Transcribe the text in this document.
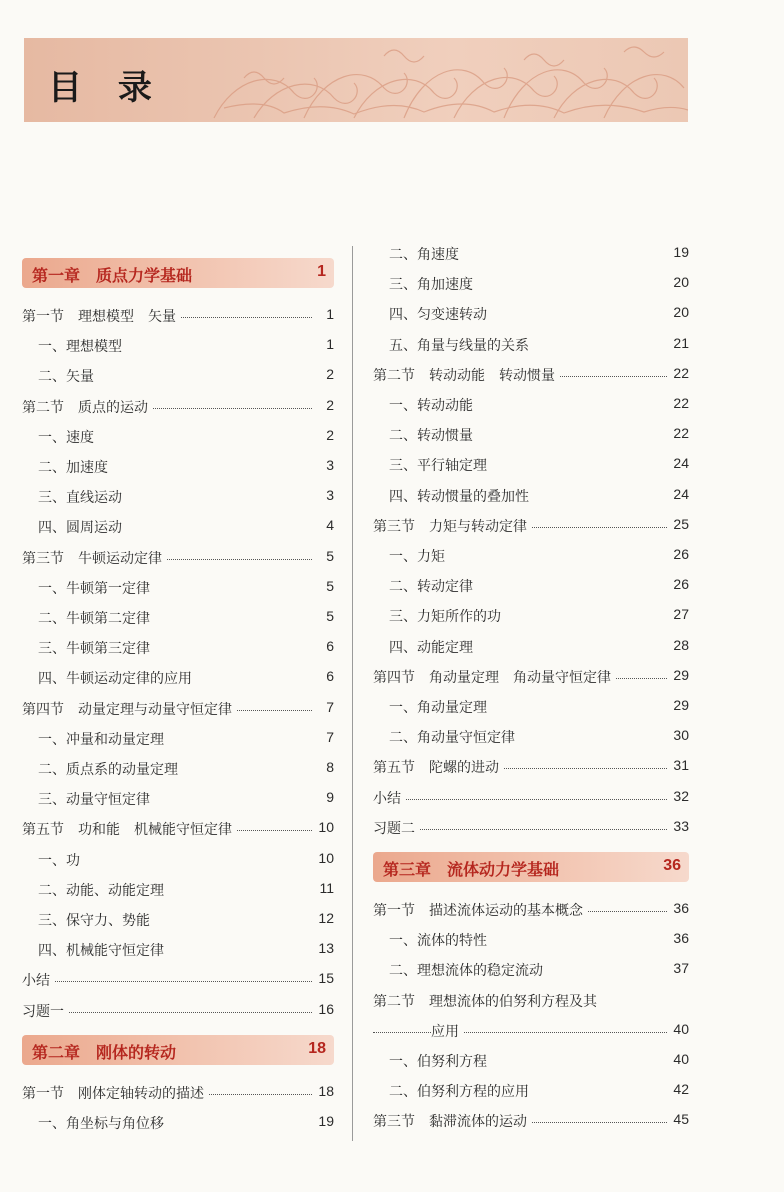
目 录
第一章　质点力学基础	1
第一节　理想模型　矢量	1
一、理想模型	1
二、矢量	2
第二节　质点的运动	2
一、速度	2
二、加速度	3
三、直线运动	3
四、圆周运动	4
第三节　牛顿运动定律	5
一、牛顿第一定律	5
二、牛顿第二定律	5
三、牛顿第三定律	6
四、牛顿运动定律的应用	6
第四节　动量定理与动量守恒定律	7
一、冲量和动量定理	7
二、质点系的动量定理	8
三、动量守恒定律	9
第五节　功和能　机械能守恒定律	10
一、功	10
二、动能、动能定理	11
三、保守力、势能	12
四、机械能守恒定律	13
小结	15
习题一	16
第二章　刚体的转动	18
第一节　刚体定轴转动的描述	18
一、角坐标与角位移	19
二、角速度	19
三、角加速度	20
四、匀变速转动	20
五、角量与线量的关系	21
第二节　转动动能　转动惯量	22
一、转动动能	22
二、转动惯量	22
三、平行轴定理	24
四、转动惯量的叠加性	24
第三节　力矩与转动定律	25
一、力矩	26
二、转动定律	26
三、力矩所作的功	27
四、动能定理	28
第四节　角动量定理　角动量守恒定律	29
一、角动量定理	29
二、角动量守恒定律	30
第五节　陀螺的进动	31
小结	32
习题二	33
第三章　流体动力学基础	36
第一节　描述流体运动的基本概念	36
一、流体的特性	36
二、理想流体的稳定流动	37
第二节　理想流体的伯努利方程及其
应用	40
一、伯努利方程	40
二、伯努利方程的应用	42
第三节　黏滞流体的运动	45
